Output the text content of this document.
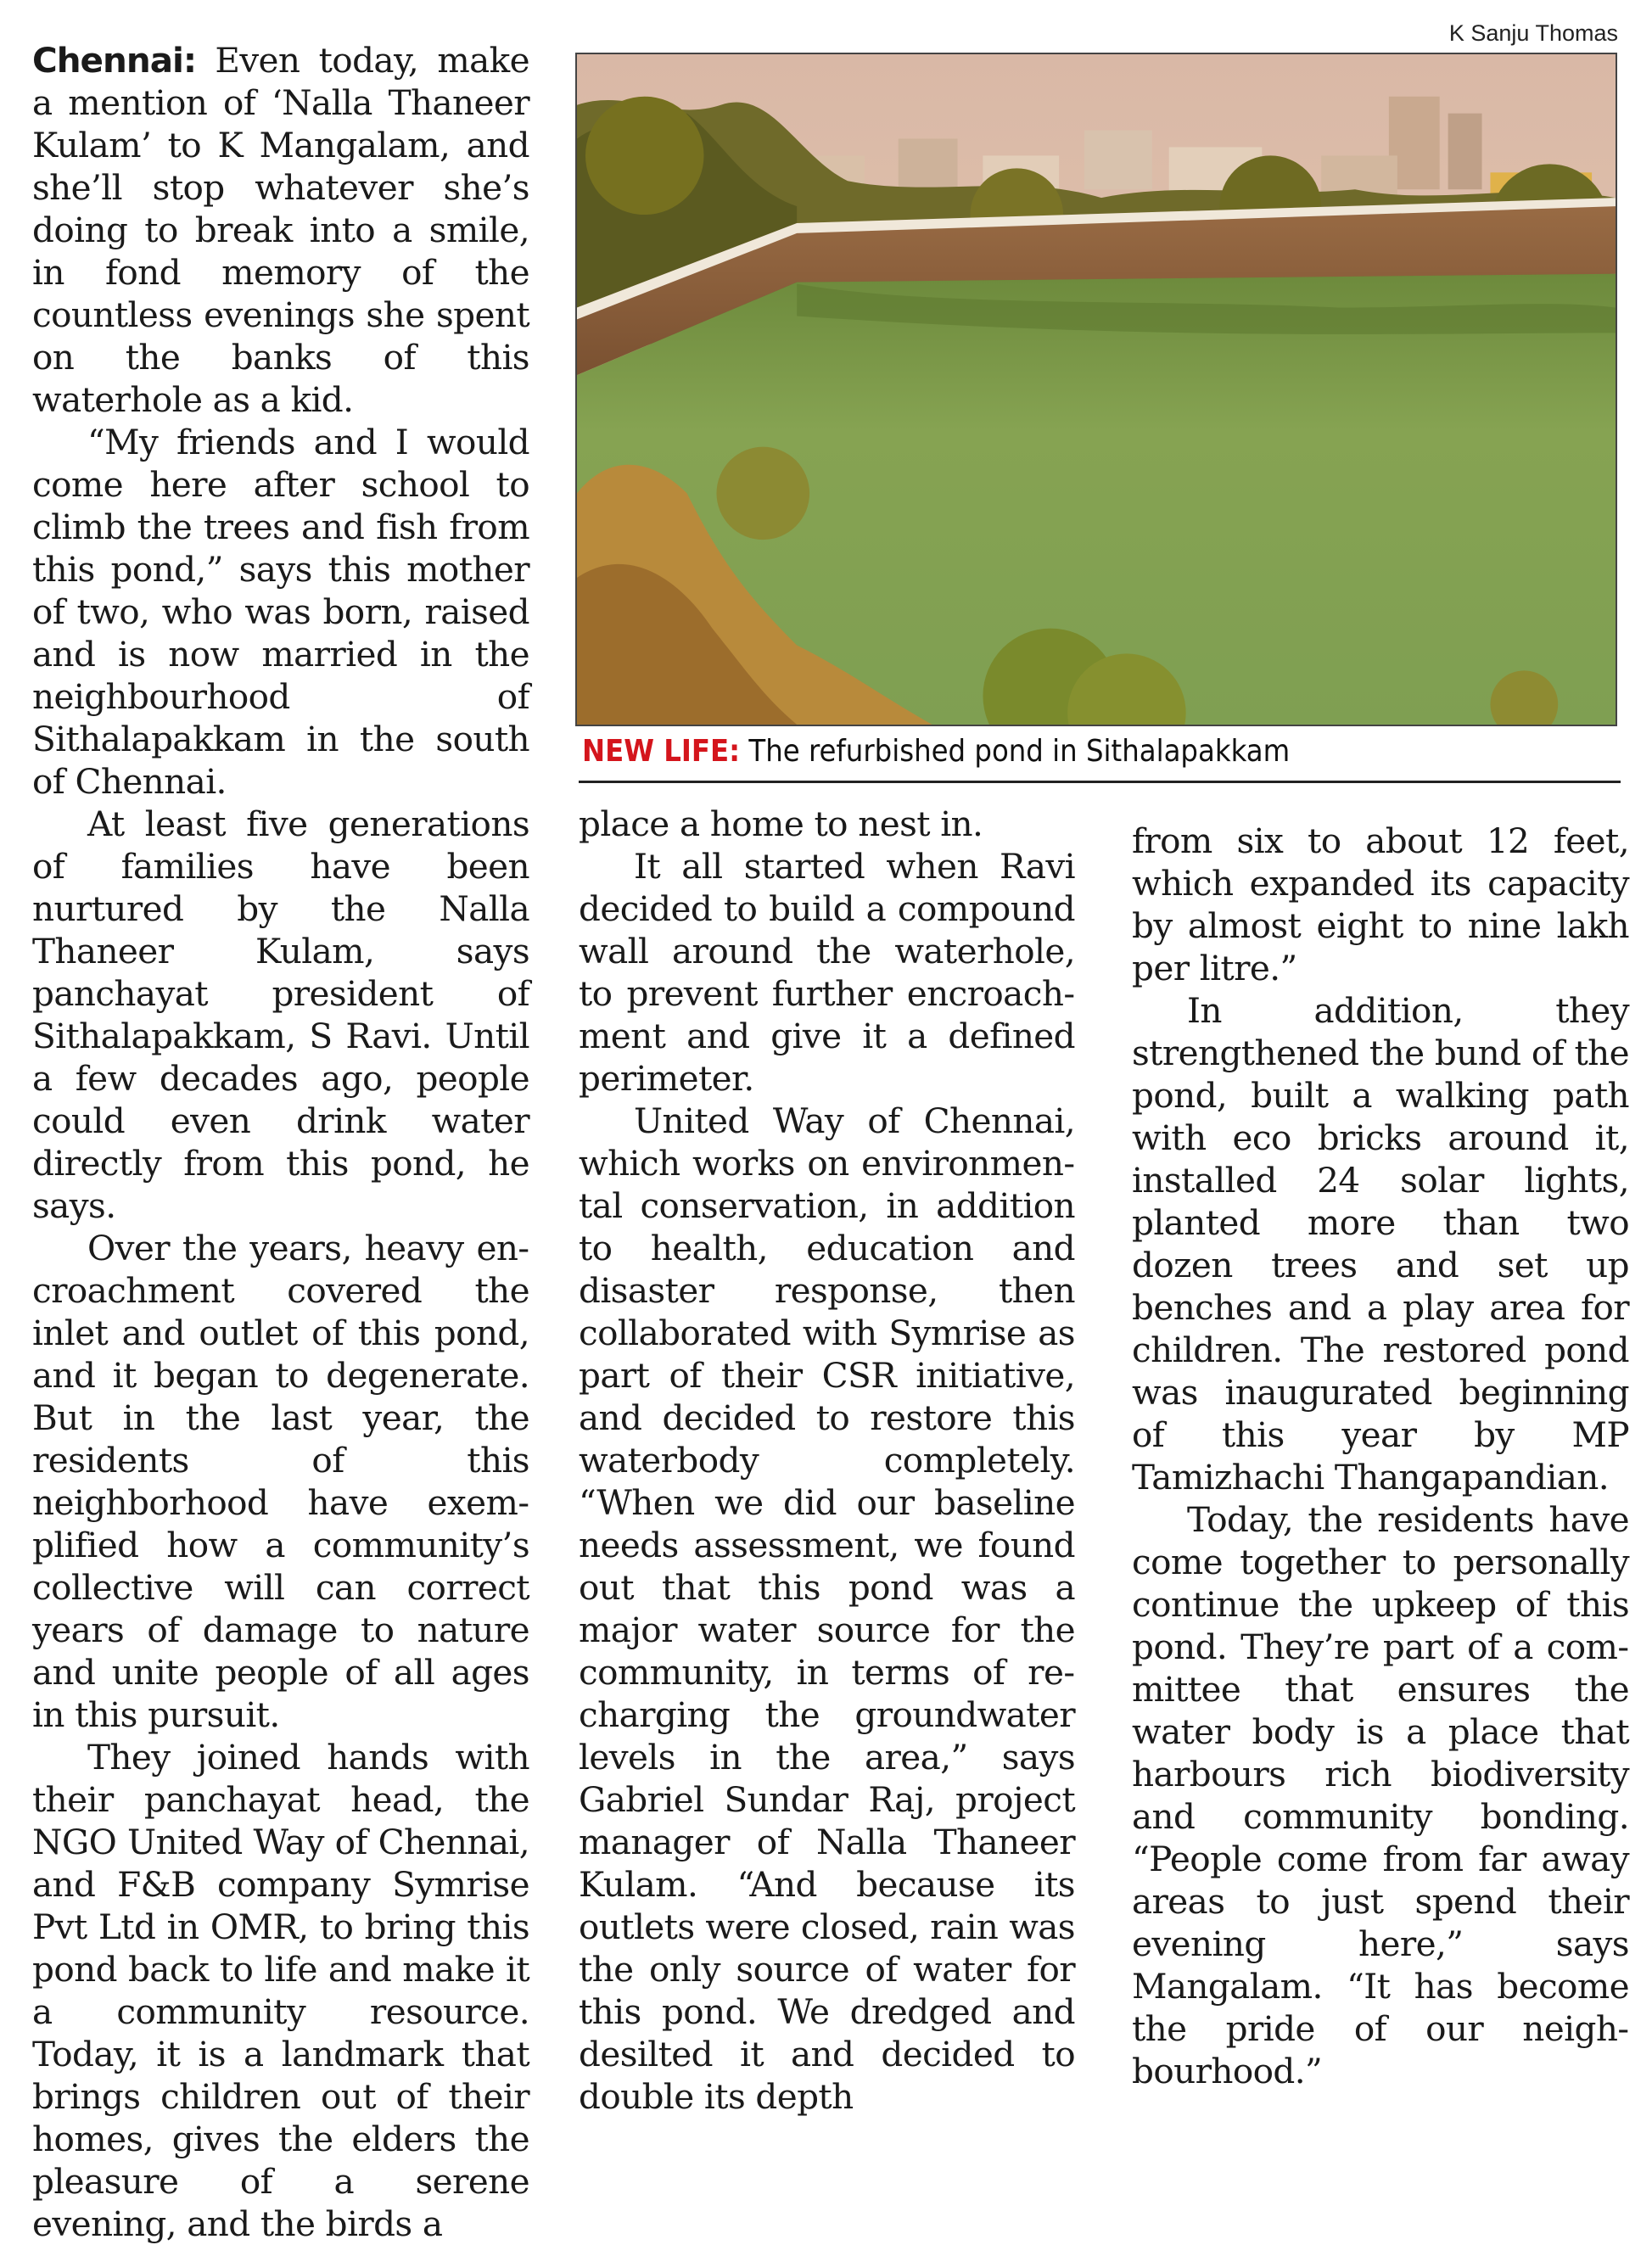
K Sanju Thomas
NEW LIFE: The refurbished pond in Sithalapakkam

Chennai: Even today, make a mention of ‘Nalla Thaneer Kulam’ to K Mangalam, and she’ll stop whatever she’s doing to break into a smile, in fond memory of the countless evenings she spent on the banks of this waterhole as a kid.

“My friends and I would come here after school to climb the trees and fish from this pond,” says this mother of two, who was born, raised and is now married in the neighbourhood of Sithalapakkam in the south of Chennai.

At least five generations of families have been nurtured by the Nalla Thaneer Kulam, says panchayat president of Sithalapakkam, S Ravi. Until a few decades ago, people could even drink water directly from this pond, he says.

Over the years, heavy encroachment covered the inlet and outlet of this pond, and it began to degenerate. But in the last year, the residents of this neighborhood have exemplified how a community’s collective will can correct years of damage to nature and unite people of all ages in this pursuit.

They joined hands with their panchayat head, the NGO United Way of Chennai, and F&B company Symrise Pvt Ltd in OMR, to bring this pond back to life and make it a community resource. Today, it is a landmark that brings children out of their homes, gives the elders the pleasure of a serene evening, and the birds a

place a home to nest in.

It all started when Ravi decided to build a compound wall around the waterhole, to prevent further encroachment and give it a defined perimeter.

United Way of Chennai, which works on environmental conservation, in addition to health, education and disaster response, then collaborated with Symrise as part of their CSR initiative, and decided to restore this waterbody completely. “When we did our baseline needs assessment, we found out that this pond was a major water source for the community, in terms of recharging the groundwater levels in the area,” says Gabriel Sundar Raj, project manager of Nalla Thaneer Kulam. “And because its outlets were closed, rain was the only source of water for this pond. We dredged and desilted it and decided to double its depth

from six to about 12 feet, which expanded its capacity by almost eight to nine lakh per litre.”

In addition, they strengthened the bund of the pond, built a walking path with eco bricks around it, installed 24 solar lights, planted more than two dozen trees and set up benches and a play area for children. The restored pond was inaugurated beginning of this year by MP Tamizhachi Thangapandian.

Today, the residents have come together to personally continue the upkeep of this pond. They’re part of a committee that ensures the water body is a place that harbours rich biodiversity and community bonding. “People come from far away areas to just spend their evening here,” says Mangalam. “It has become the pride of our neighbourhood.”
